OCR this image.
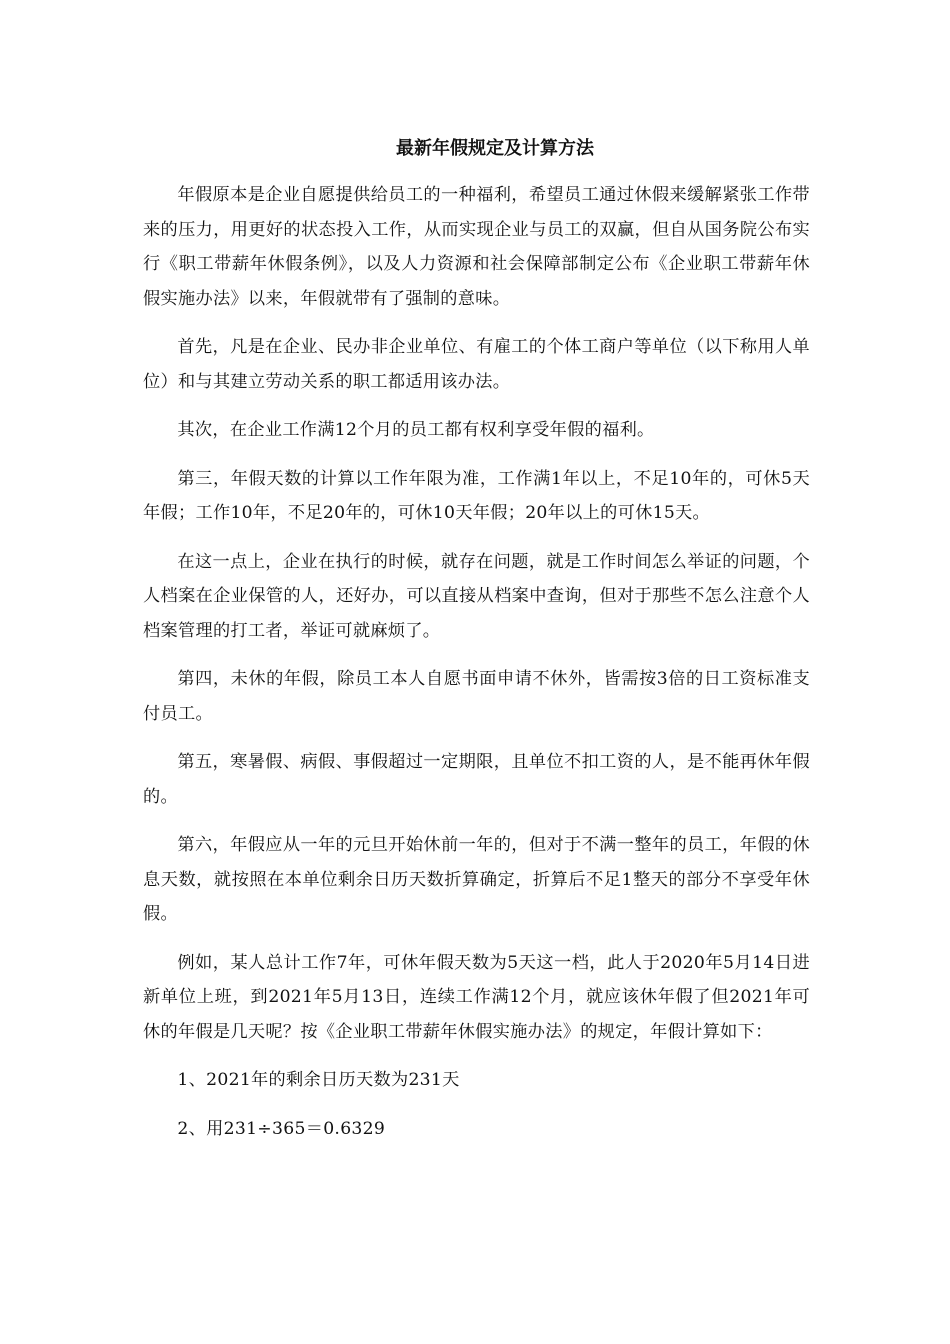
最新年假规定及计算方法

年假原本是企业自愿提供给员工的一种福利，希望员工通过休假来缓解紧张工作带来的压力，用更好的状态投入工作，从而实现企业与员工的双赢，但自从国务院公布实行《职工带薪年休假条例》，以及人力资源和社会保障部制定公布《企业职工带薪年休假实施办法》以来，年假就带有了强制的意味。

首先，凡是在企业、民办非企业单位、有雇工的个体工商户等单位（以下称用人单位）和与其建立劳动关系的职工都适用该办法。

其次，在企业工作满12个月的员工都有权利享受年假的福利。

第三，年假天数的计算以工作年限为准，工作满1年以上，不足10年的，可休5天年假；工作10年，不足20年的，可休10天年假；20年以上的可休15天。

在这一点上，企业在执行的时候，就存在问题，就是工作时间怎么举证的问题，个人档案在企业保管的人，还好办，可以直接从档案中查询，但对于那些不怎么注意个人档案管理的打工者，举证可就麻烦了。

第四，未休的年假，除员工本人自愿书面申请不休外，皆需按3倍的日工资标准支付员工。

第五，寒暑假、病假、事假超过一定期限，且单位不扣工资的人，是不能再休年假的。

第六，年假应从一年的元旦开始休前一年的，但对于不满一整年的员工，年假的休息天数，就按照在本单位剩余日历天数折算确定，折算后不足1整天的部分不享受年休假。

例如，某人总计工作7年，可休年假天数为5天这一档，此人于2020年5月14日进新单位上班，到2021年5月13日，连续工作满12个月，就应该休年假了但2021年可休的年假是几天呢？按《企业职工带薪年休假实施办法》的规定，年假计算如下：

1、2021年的剩余日历天数为231天

2、用231÷365＝0.6329
